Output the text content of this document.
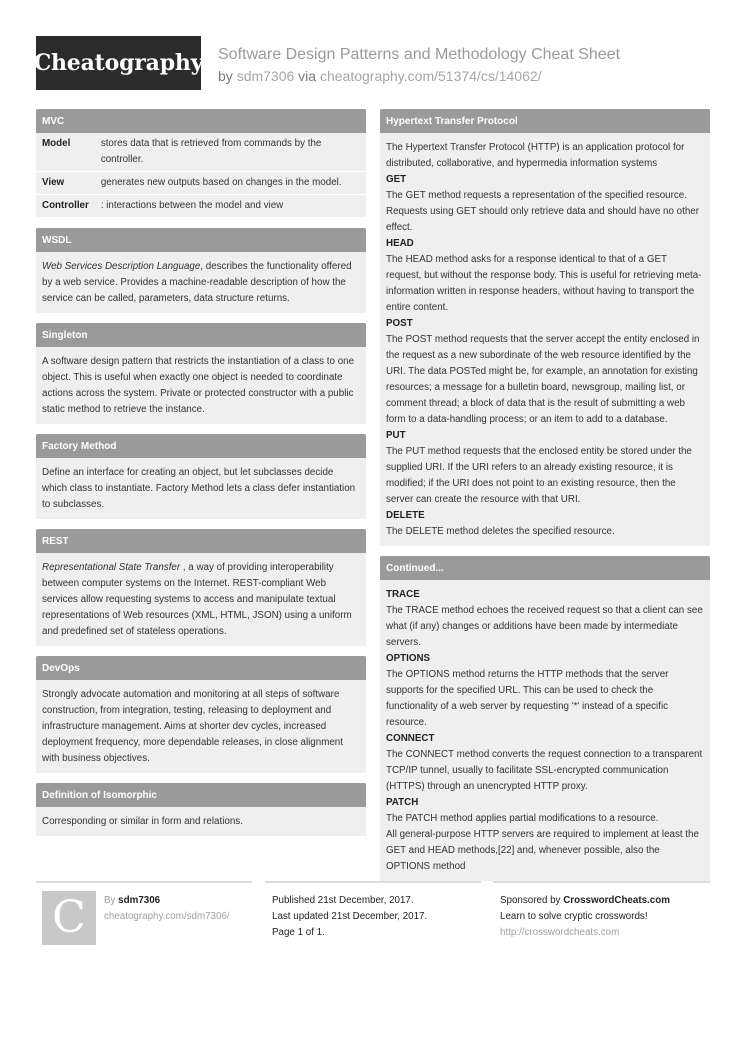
Cheatography Software Design Patterns and Methodology Cheat Sheet
by sdm7306 via cheatography.com/51374/cs/14062/
MVC
Model	stores data that is retrieved from commands by the controller.
View	generates new outputs based on changes in the model.
Controller	: interactions between the model and view
WSDL
Web Services Description Language, describes the functionality offered by a web service. Provides a machine-readable description of how the service can be called, parameters, data structure returns.
Singleton
A software design pattern that restricts the instantiation of a class to one object. This is useful when exactly one object is needed to coordinate actions across the system. Private or protected constructor with a public static method to retrieve the instance.
Factory Method
Define an interface for creating an object, but let subclasses decide which class to instantiate. Factory Method lets a class defer instantiation to subclasses.
REST
Representational State Transfer , a way of providing interoperability between computer systems on the Internet. REST-compliant Web services allow requesting systems to access and manipulate textual representations of Web resources (XML, HTML, JSON) using a uniform and predefined set of stateless operations.
DevOps
Strongly advocate automation and monitoring at all steps of software construction, from integration, testing, releasing to deployment and infrastructure management. Aims at shorter dev cycles, increased deployment frequency, more dependable releases, in close alignment with business objectives.
Definition of Isomorphic
Corresponding or similar in form and relations.
Hypertext Transfer Protocol
The Hypertext Transfer Protocol (HTTP) is an application protocol for distributed, collaborative, and hypermedia information systems
GET
The GET method requests a representation of the specified resource. Requests using GET should only retrieve data and should have no other effect.
HEAD
The HEAD method asks for a response identical to that of a GET request, but without the response body. This is useful for retrieving meta-information written in response headers, without having to transport the entire content.
POST
The POST method requests that the server accept the entity enclosed in the request as a new subordinate of the web resource identified by the URI. The data POSTed might be, for example, an annotation for existing resources; a message for a bulletin board, newsgroup, mailing list, or comment thread; a block of data that is the result of submitting a web form to a data-handling process; or an item to add to a database.
PUT
The PUT method requests that the enclosed entity be stored under the supplied URI. If the URI refers to an already existing resource, it is modified; if the URI does not point to an existing resource, then the server can create the resource with that URI.
DELETE
The DELETE method deletes the specified resource.
Continued...
TRACE
The TRACE method echoes the received request so that a client can see what (if any) changes or additions have been made by intermediate servers.
OPTIONS
The OPTIONS method returns the HTTP methods that the server supports for the specified URL. This can be used to check the functionality of a web server by requesting '*' instead of a specific resource.
CONNECT
The CONNECT method converts the request connection to a transparent TCP/IP tunnel, usually to facilitate SSL-encrypted communication (HTTPS) through an unencrypted HTTP proxy.
PATCH
The PATCH method applies partial modifications to a resource.
All general-purpose HTTP servers are required to implement at least the GET and HEAD methods,[22] and, whenever possible, also the OPTIONS method
C	By sdm7306
cheatography.com/sdm7306/
Published 21st December, 2017.
Last updated 21st December, 2017.
Page 1 of 1.
Sponsored by CrosswordCheats.com
Learn to solve cryptic crosswords!
http://crosswordcheats.com
